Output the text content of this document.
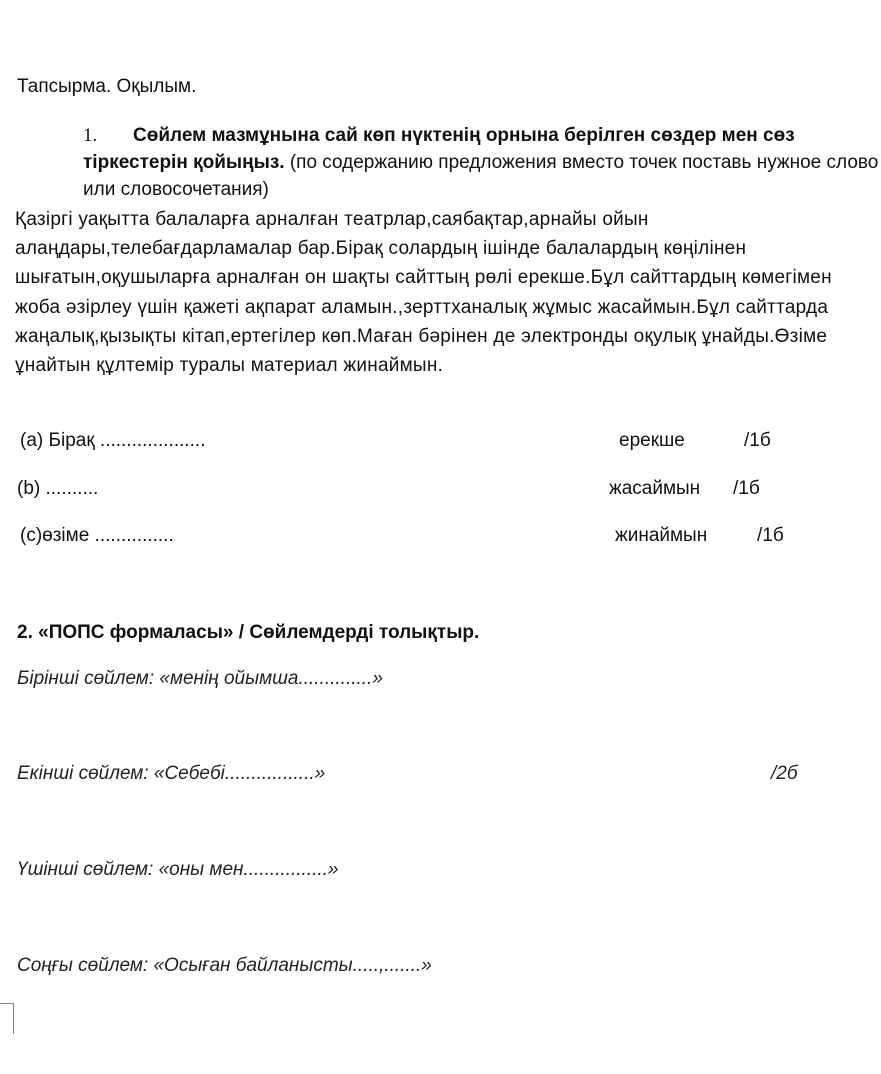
Тапсырма. Оқылым.
1. Сөйлем мазмұнына сай көп нүктенің орнына берілген сөздер мен сөз тіркестерін қойыңыз. (по содержанию предложения вместо точек поставь нужное слово или словосочетания)
Қазіргі уақытта балаларға арналған театрлар,саябақтар,арнайы ойын алаңдары,телебағдарламалар бар.Бірақ солардың ішінде балалардың көңілінен шығатын,оқушыларға арналған он шақты сайттың рөлі ерекше.Бұл сайттардың көмегімен жоба әзірлеу үшін қажеті ақпарат аламын.,зерттханалық жұмыс жасаймын.Бұл сайттарда жаңалық,қызықты кітап,ертегілер көп.Маған бәрінен де электронды оқулық ұнайды.Өзіме ұнайтын құлтемір туралы материал жинаймын.
(a) Бірақ ....................	ерекше	/1б
(b) ..........	жасаймын /1б
(c)өзіме ...............	жинаймын	/1б
2. «ПОПС формаласы» / Сөйлемдерді толықтыр.
Бірінші сөйлем: «менің ойымша..............»
Екінші сөйлем: «Себебі.................»	/2б
Үшінші сөйлем: «оны мен................»
Соңғы сөйлем: «Осыған байланысты.....,.......»
